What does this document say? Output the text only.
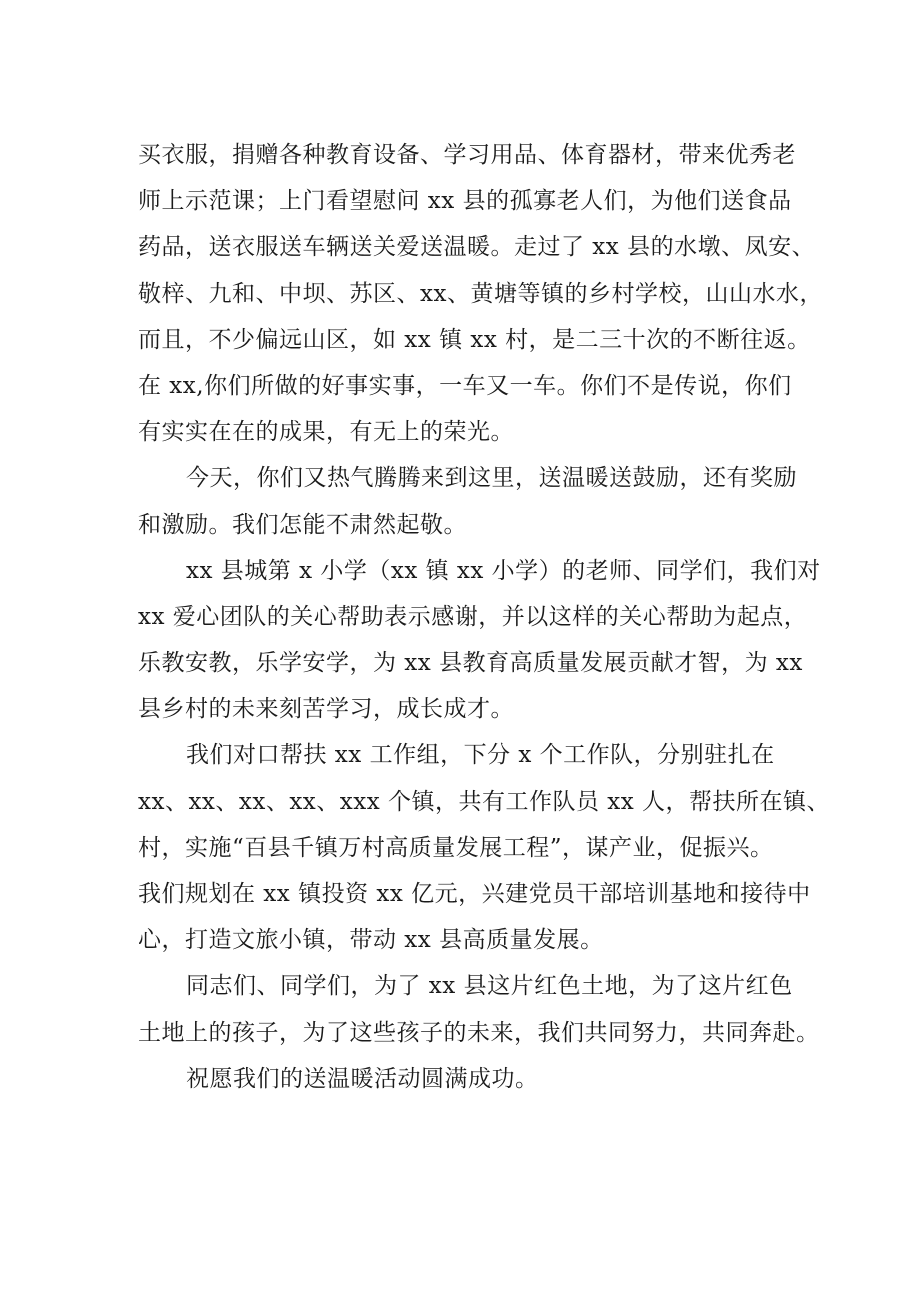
买衣服，捐赠各种教育设备、学习用品、体育器材，带来优秀老
师上示范课；上门看望慰问 xx 县的孤寡老人们，为他们送食品
药品，送衣服送车辆送关爱送温暖。走过了 xx 县的水墩、凤安、
敬梓、九和、中坝、苏区、xx、黄塘等镇的乡村学校，山山水水，
而且，不少偏远山区，如 xx 镇 xx 村，是二三十次的不断往返。
在 xx,你们所做的好事实事，一车又一车。你们不是传说，你们
有实实在在的成果，有无上的荣光。
今天，你们又热气腾腾来到这里，送温暖送鼓励，还有奖励
和激励。我们怎能不肃然起敬。
xx 县城第 x 小学（xx 镇 xx 小学）的老师、同学们，我们对
xx 爱心团队的关心帮助表示感谢，并以这样的关心帮助为起点，
乐教安教，乐学安学，为 xx 县教育高质量发展贡献才智，为 xx
县乡村的未来刻苦学习，成长成才。
我们对口帮扶 xx 工作组，下分 x 个工作队，分别驻扎在
xx、xx、xx、xx、xxx 个镇，共有工作队员 xx 人，帮扶所在镇、
村，实施“百县千镇万村高质量发展工程”，谋产业，促振兴。
我们规划在 xx 镇投资 xx 亿元，兴建党员干部培训基地和接待中
心，打造文旅小镇，带动 xx 县高质量发展。
同志们、同学们，为了 xx 县这片红色土地，为了这片红色
土地上的孩子，为了这些孩子的未来，我们共同努力，共同奔赴。
祝愿我们的送温暖活动圆满成功。
